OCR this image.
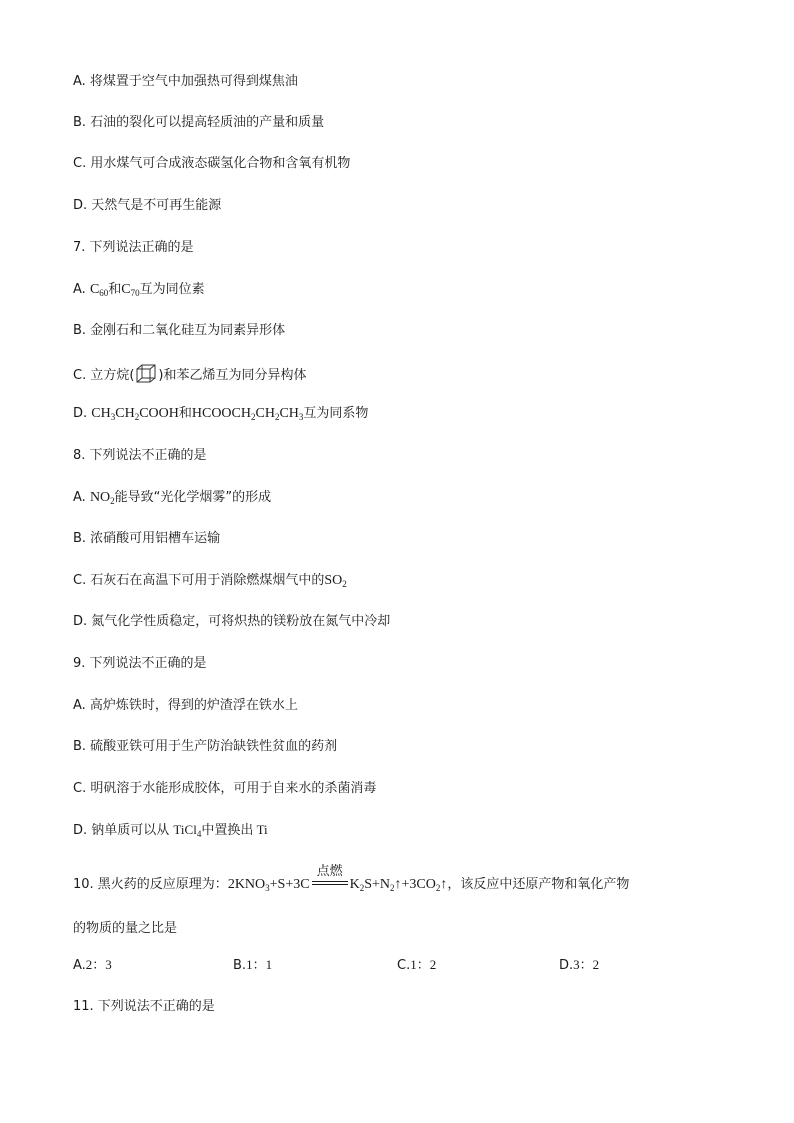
A. 将煤置于空气中加强热可得到煤焦油
B. 石油的裂化可以提高轻质油的产量和质量
C. 用水煤气可合成液态碳氢化合物和含氧有机物
D. 天然气是不可再生能源
7. 下列说法正确的是
A. $C_{60}$和$C_{70}$互为同位素
B. 金刚石和二氧化硅互为同素异形体
C. 立方烷( )和苯乙烯互为同分异构体
D. $CH_3CH_2COOH$和$HCOOCH_2CH_2CH_3$互为同系物
8. 下列说法不正确的是
A. $NO_2$能导致“光化学烟雾”的形成
B. 浓硝酸可用铝槽车运输
C. 石灰石在高温下可用于消除燃煤烟气中的$SO_2$
D. 氮气化学性质稳定，可将炽热的镁粉放在氮气中冷却
9. 下列说法不正确的是
A. 高炉炼铁时，得到的炉渣浮在铁水上
B. 硫酸亚铁可用于生产防治缺铁性贫血的药剂
C. 明矾溶于水能形成胶体，可用于自来水的杀菌消毒
D. 钠单质可以从 TiCl$_4$中置换出 Ti
10. 黑火药的反应原理为：$2KNO_3+S+3C$
点燃
$K_2S+N_2↑+3CO_2↑$，该反应中还原产物和氧化产物
的物质的量之比是
A.2：3	B.1：1	C.1：2	D.3：2
11. 下列说法不正确的是
